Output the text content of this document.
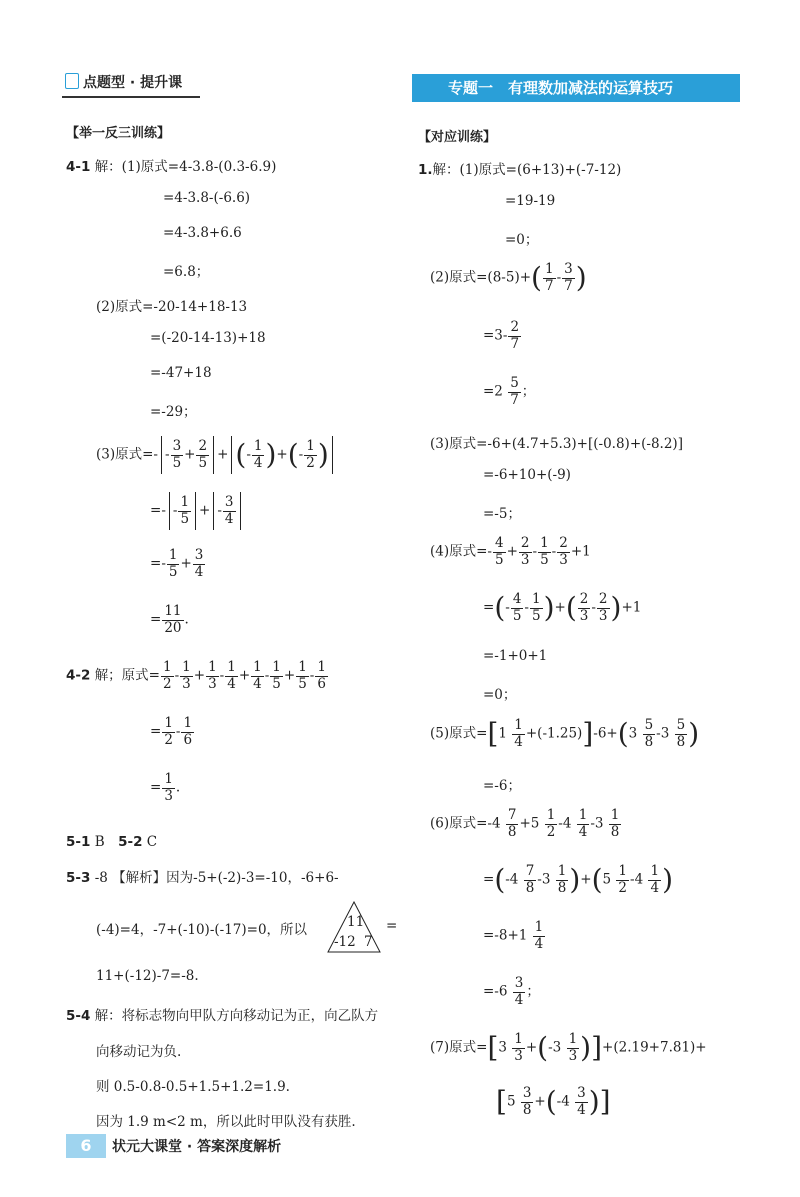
点题型 · 提升课	专题一　有理数加减法的运算技巧
【举一反三训练】
4-1 解：(1)原式=4-3.8-(0.3-6.9)
=4-3.8-(-6.6)
=4-3.8+6.6
=6.8；
(2)原式=-20-14+18-13
=(-20-14-13)+18
=-47+18
=-29；
(3)原式=- - $\frac{3}{5} + \frac{2}{5}$ + (- $\frac{1}{4}$ )+(- $\frac{1}{2}$ )
=- - $\frac{1}{5}$ + - $\frac{3}{4}$
=- $\frac{1}{5} + \frac{3}{4}$
= $\frac{11}{20}$ .
4-2 解；原式= $\frac{1}{2} - \frac{1}{3} + \frac{1}{3} - \frac{1}{4} + \frac{1}{4} - \frac{1}{5} + \frac{1}{5} - \frac{1}{6}$
= $\frac{1}{2} - \frac{1}{6}$
= $\frac{1}{3}$ .
5-1 B　 5-2 C
5-3 -8 【解析】因为-5+(-2)-3=-10，-6+6-
(-4)=4，-7+(-10)-(-17)=0，所以	11
-12 7
=
11+(-12)-7=-8.
5-4 解：将标志物向甲队方向移动记为正，向乙队方
向移动记为负.
则 0.5-0.8-0.5+1.5+1.2=1.9.
因为 1.9 m<2 m，所以此时甲队没有获胜.
【对应训练】
1.解：(1)原式=(6+13)+(-7-12)
=19-19
=0；
(2)原式$=(8-5)+( \frac{1}{7} - \frac{3}{7}$ )
$=3- \frac{2}{7}$
$=2 \frac{5}{7}$ ；
(3)原式=-6+(4.7+5.3)+[(-0.8)+(-8.2)]
=-6+10+(-9)
=-5；
(4)原式=- $\frac{4}{5} + \frac{2}{3} - \frac{1}{5} - \frac{2}{3} +1$
=(- $\frac{4}{5} - \frac{1}{5}$ )+( $\frac{2}{3} - \frac{2}{3} )+1$
=-1+0+1
=0；
(5)原式$=[1 \frac{1}{4} +(-1.25)]-6+(3 \frac{5}{8} -3 \frac{5}{8}$ )
=-6；
(6)原式$=-4 \frac{7}{8} +5 \frac{1}{2} -4 \frac{1}{4} -3 \frac{1}{8}$
$=(-4 \frac{7}{8} -3 \frac{1}{8} )+(5 \frac{1}{2} -4 \frac{1}{4}$ )
$=-8+1 \frac{1}{4}$
$=-6 \frac{3}{4}$ ；
(7)原式$=[3 \frac{1}{3} +(-3 \frac{1}{3} )]+(2.19+7.81)+$
[$5 \frac{3}{8} +(-4 \frac{3}{4}$ )]
6	状元大课堂 · 答案深度解析
